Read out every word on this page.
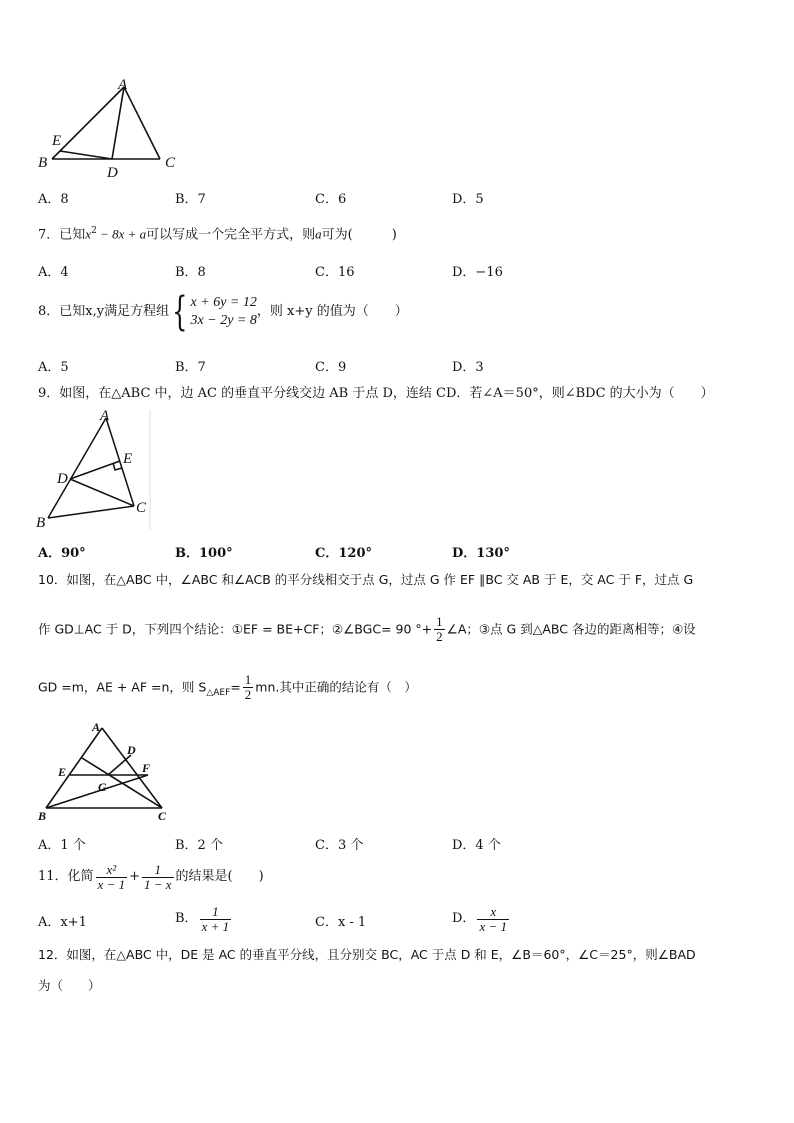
A
B	C
D
E
A．8	B．7	C．6	D．5
7．已知$x^2 - 8x + a$可以写成一个完全平方式，则a可为(　　　)
A．4	B．8	C．16	D．−16
8．已知x,y满足方程组{ x + 6y = 12
3x − 2y = 8
，则 x+y 的值为（　　）
A．5	B．7	C．9	D．3
9．如图，在△ABC 中，边 AC 的垂直平分线交边 AB 于点 D，连结 CD．若∠A＝50°，则∠BDC 的大小为（　　）
A
B
C
D
E
A．90°	B．100°	C．120°	D．130°
10．如图，在△ABC 中，∠ABC 和∠ACB 的平分线相交于点 G，过点 G 作 EF ∥BC 交 AB 于 E，交 AC 于 F，过点 G
作 GD⊥AC 于 D，下列四个结论：①EF = BE+CF；②∠BGC= 90 °+ $\frac{1}{2}$ ∠A；③点 G 到△ABC 各边的距离相等；④设
GD =m，AE + AF =n，则 $S_{\triangle AEF}= \frac{1}{2}$ mn.其中正确的结论有（　）
A
B	C
D
E	F
G
A．1 个	B．2 个	C．3 个	D．4 个
11．化简 $\frac{\text{x²}}{x - 1} + \frac{1}{1 - x}$ 的结果是(　　)
A．x+1	B． $\frac{1}{x + 1}$	C．x - 1	D． $\frac{x}{x - 1}$
12．如图，在△ABC 中，DE 是 AC 的垂直平分线，且分别交 BC，AC 于点 D 和 E，∠B＝60°，∠C＝25°，则∠BAD
为（　　）
